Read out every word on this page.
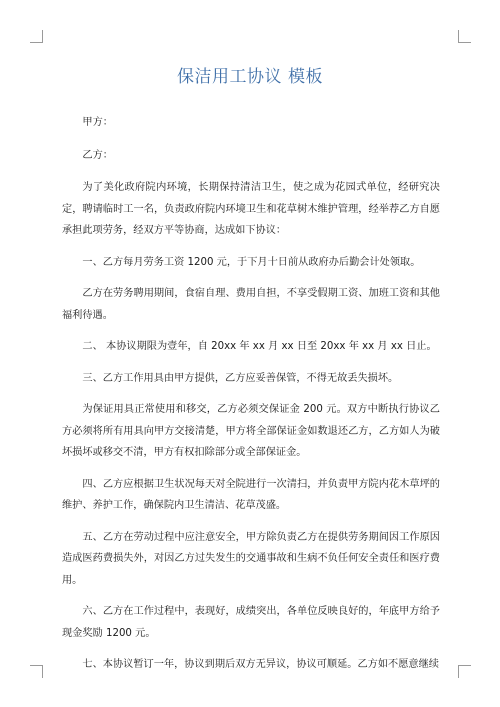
保洁用工协议 模板

甲方：

乙方：

为了美化政府院内环境，长期保持清洁卫生，使之成为花园式单位，经研究决定，聘请临时工一名，负责政府院内环境卫生和花草树木维护管理，经举荐乙方自愿承担此项劳务，经双方平等协商，达成如下协议：

一、乙方每月劳务工资 1200 元，于下月十日前从政府办后勤会计处领取。

乙方在劳务聘用期间，食宿自理、费用自担，不享受假期工资、加班工资和其他福利待遇。

二、 本协议期限为壹年，自 20xx 年 xx 月 xx 日至 20xx 年 xx 月 xx 日止。

三、乙方工作用具由甲方提供，乙方应妥善保管，不得无故丢失损坏。

为保证用具正常使用和移交，乙方必须交保证金 200 元。双方中断执行协议乙方必须将所有用具向甲方交接清楚，甲方将全部保证金如数退还乙方，乙方如人为破坏损坏或移交不清，甲方有权扣除部分或全部保证金。

四、乙方应根据卫生状况每天对全院进行一次清扫，并负责甲方院内花木草坪的维护、养护工作，确保院内卫生清洁、花草茂盛。

五、乙方在劳动过程中应注意安全，甲方除负责乙方在提供劳务期间因工作原因造成医药费损失外，对因乙方过失发生的交通事故和生病不负任何安全责任和医疗费用。

六、乙方在工作过程中，表现好，成绩突出，各单位反映良好的，年底甲方给予现金奖励 1200 元。

七、本协议暂订一年，协议到期后双方无异议，协议可顺延。乙方如不愿意继续
